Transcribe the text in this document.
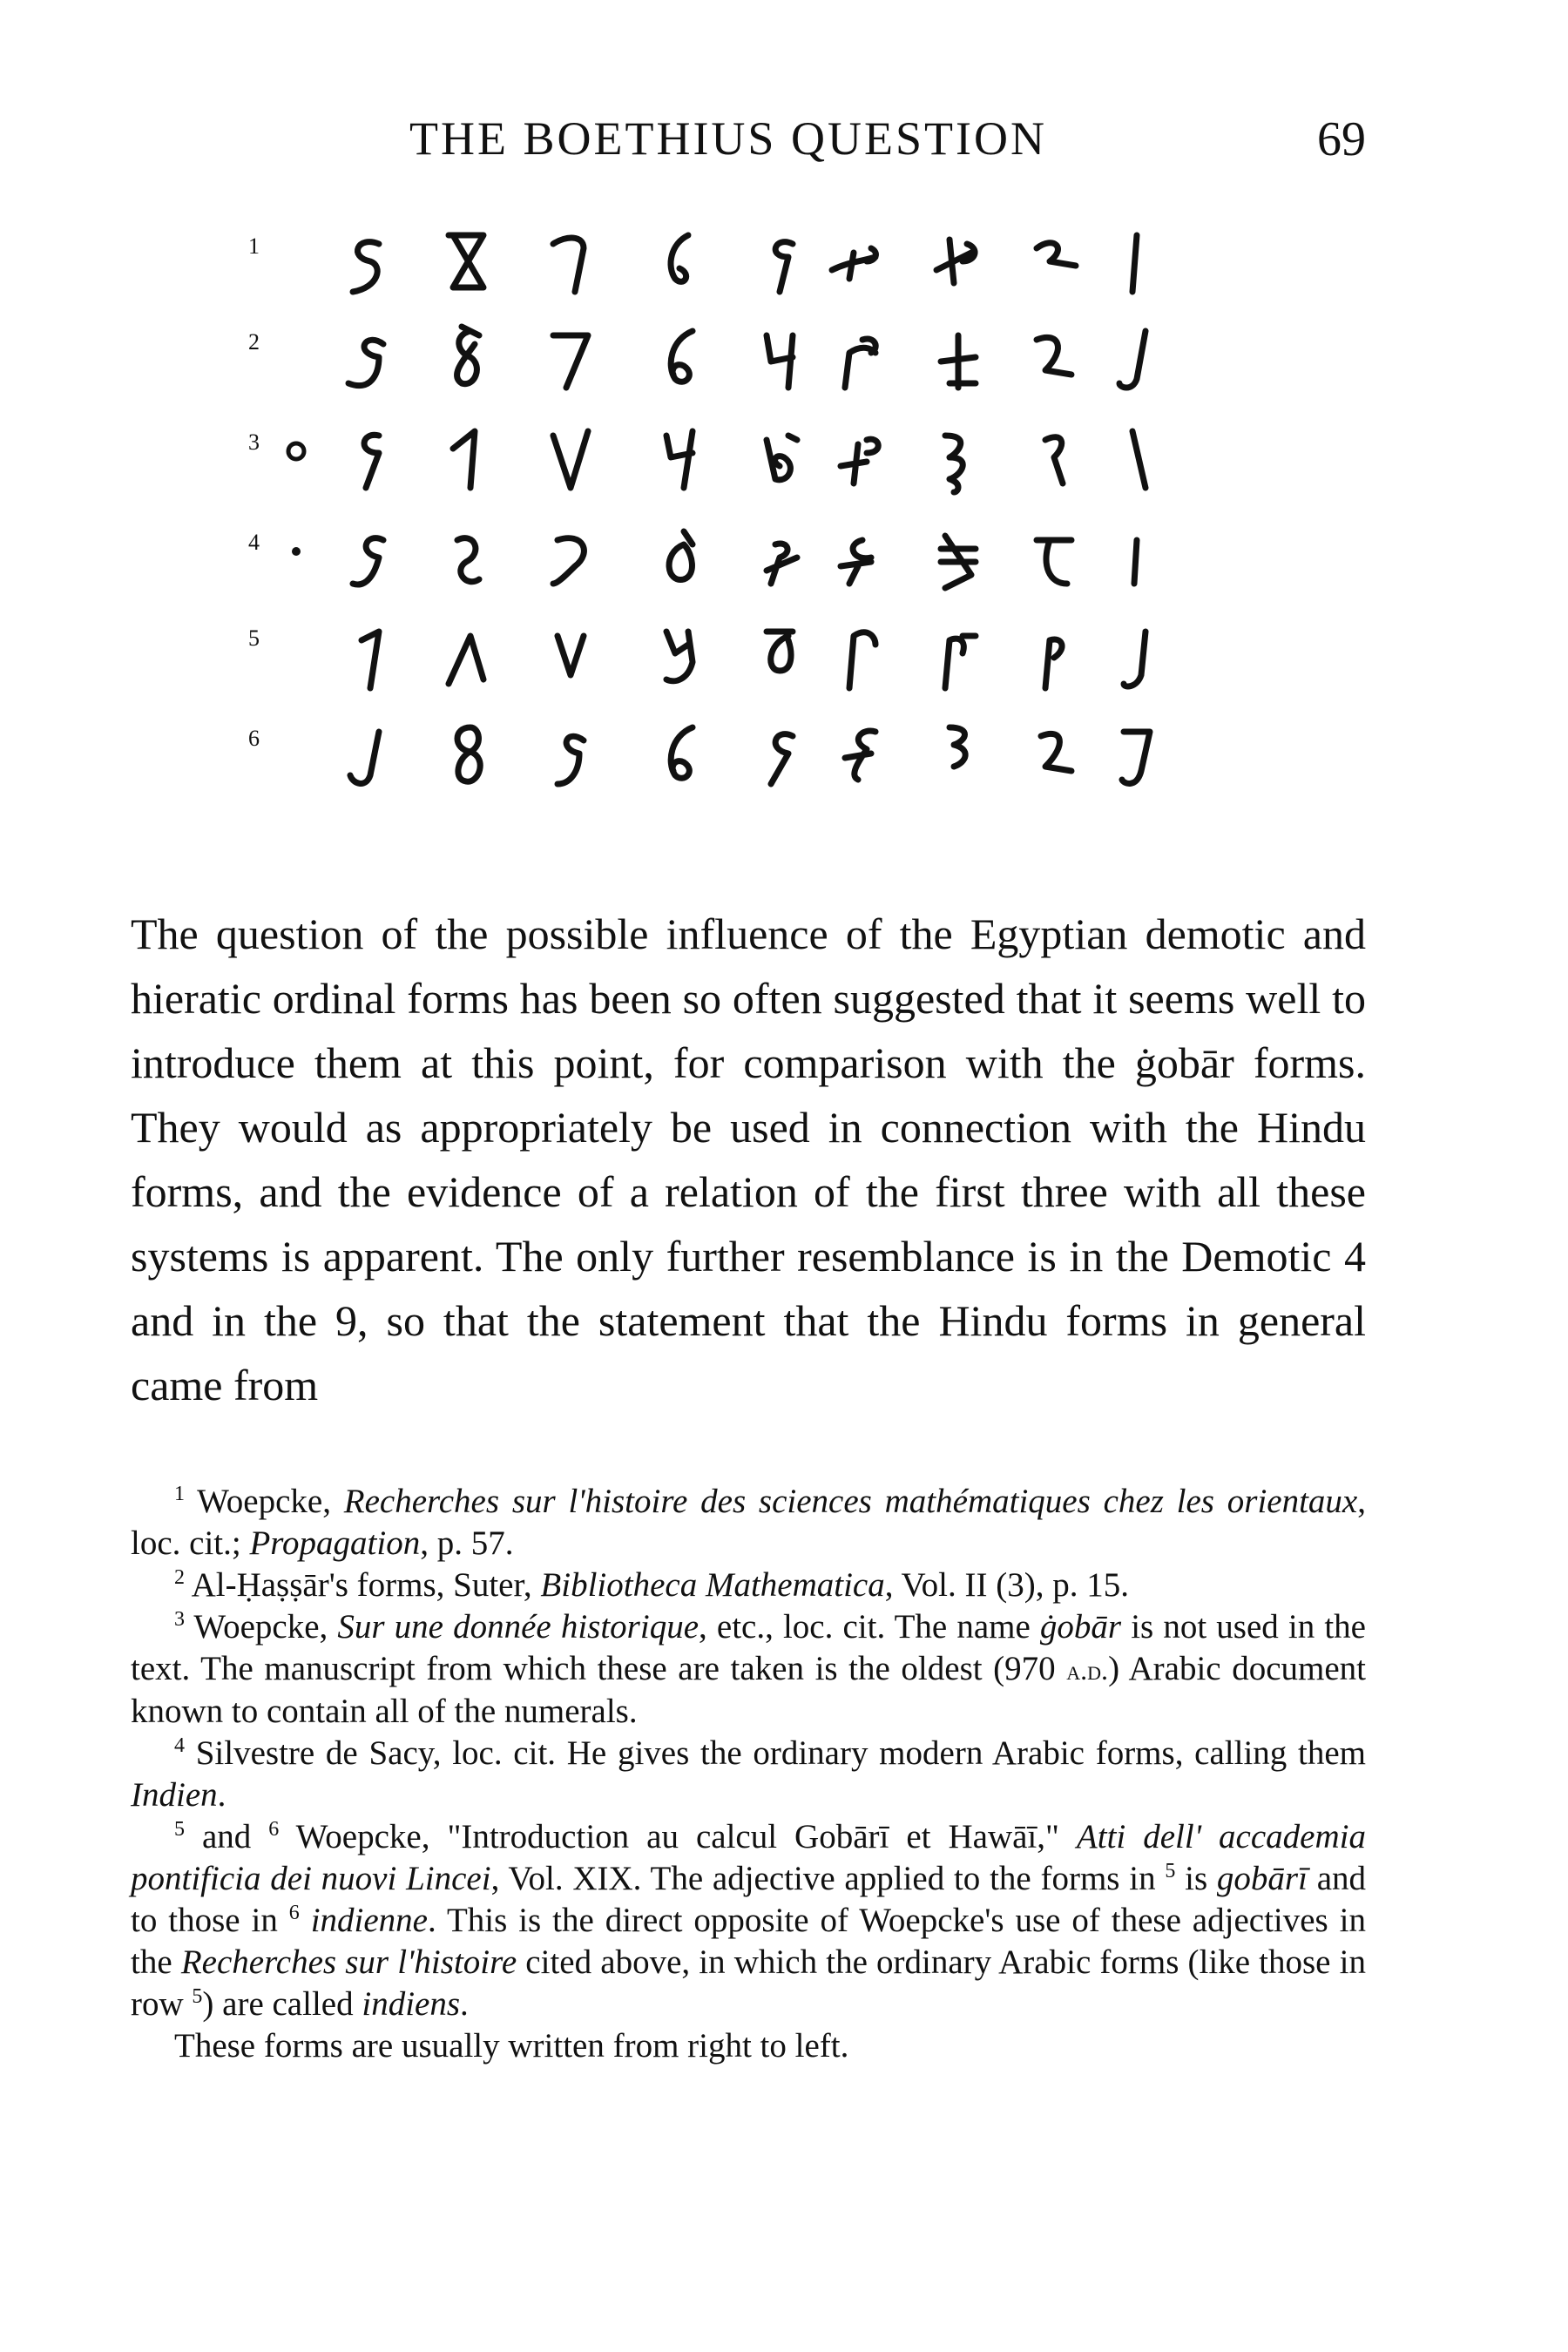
THE BOETHIUS QUESTION	69
1
2
3
4
5
6

The question of the possible influence of the Egyptian demotic and hieratic ordinal forms has been so often suggested that it seems well to introduce them at this point, for comparison with the ġobār forms. They would as appropriately be used in connection with the Hindu forms, and the evidence of a relation of the first three with all these systems is apparent. The only further resemblance is in the Demotic 4 and in the 9, so that the statement that the Hindu forms in general came from

$^1$ Woepcke, Recherches sur l'histoire des sciences mathématiques chez les orientaux, loc. cit.; Propagation, p. 57.

$^2$ Al-Ḥaṣṣār's forms, Suter, Bibliotheca Mathematica, Vol. II (3), p. 15.

$^3$ Woepcke, Sur une donnée historique, etc., loc. cit. The name ġobār is not used in the text. The manuscript from which these are taken is the oldest (970 a.d.) Arabic document known to contain all of the numerals.

$^4$ Silvestre de Sacy, loc. cit. He gives the ordinary modern Arabic forms, calling them Indien.

$^5$ and $^6$ Woepcke, "Introduction au calcul Gobārī et Hawāī," Atti dell' accademia pontificia dei nuovi Lincei, Vol. XIX. The adjective applied to the forms in $^5$ is gobārī and to those in $^6$ indienne. This is the direct opposite of Woepcke's use of these adjectives in the Recherches sur l'histoire cited above, in which the ordinary Arabic forms (like those in row $^5$) are called indiens.

These forms are usually written from right to left.
